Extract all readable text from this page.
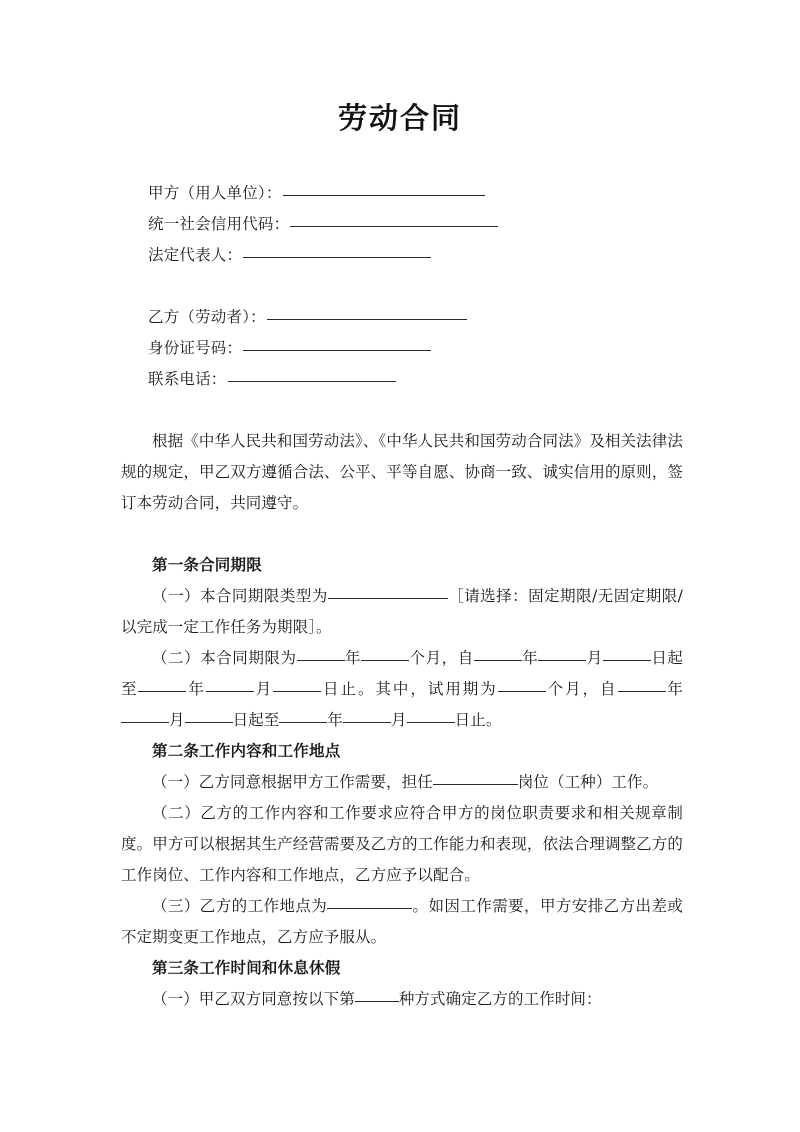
劳动合同
甲方（用人单位）：
统一社会信用代码：
法定代表人：
乙方（劳动者）：
身份证号码：
联系电话：

根据《中华人民共和国劳动法》、《中华人民共和国劳动合同法》及相关法律法规的规定，甲乙双方遵循合法、公平、平等自愿、协商一致、诚实信用的原则，签订本劳动合同，共同遵守。

第一条合同期限

（一）本合同期限类型为	［请选择：固定期限/无固定期限/以完成一定工作任务为期限］。

（二）本合同期限为	年	个月，自	年	月	日起至	年	月	日止。其中，试用期为	个月，自	年月	日起至	年	月	日止。

第二条工作内容和工作地点

（一）乙方同意根据甲方工作需要，担任	岗位（工种）工作。

（二）乙方的工作内容和工作要求应符合甲方的岗位职责要求和相关规章制度。甲方可以根据其生产经营需要及乙方的工作能力和表现，依法合理调整乙方的工作岗位、工作内容和工作地点，乙方应予以配合。

（三）乙方的工作地点为	。如因工作需要，甲方安排乙方出差或不定期变更工作地点，乙方应予服从。

第三条工作时间和休息休假

（一）甲乙双方同意按以下第	种方式确定乙方的工作时间：
